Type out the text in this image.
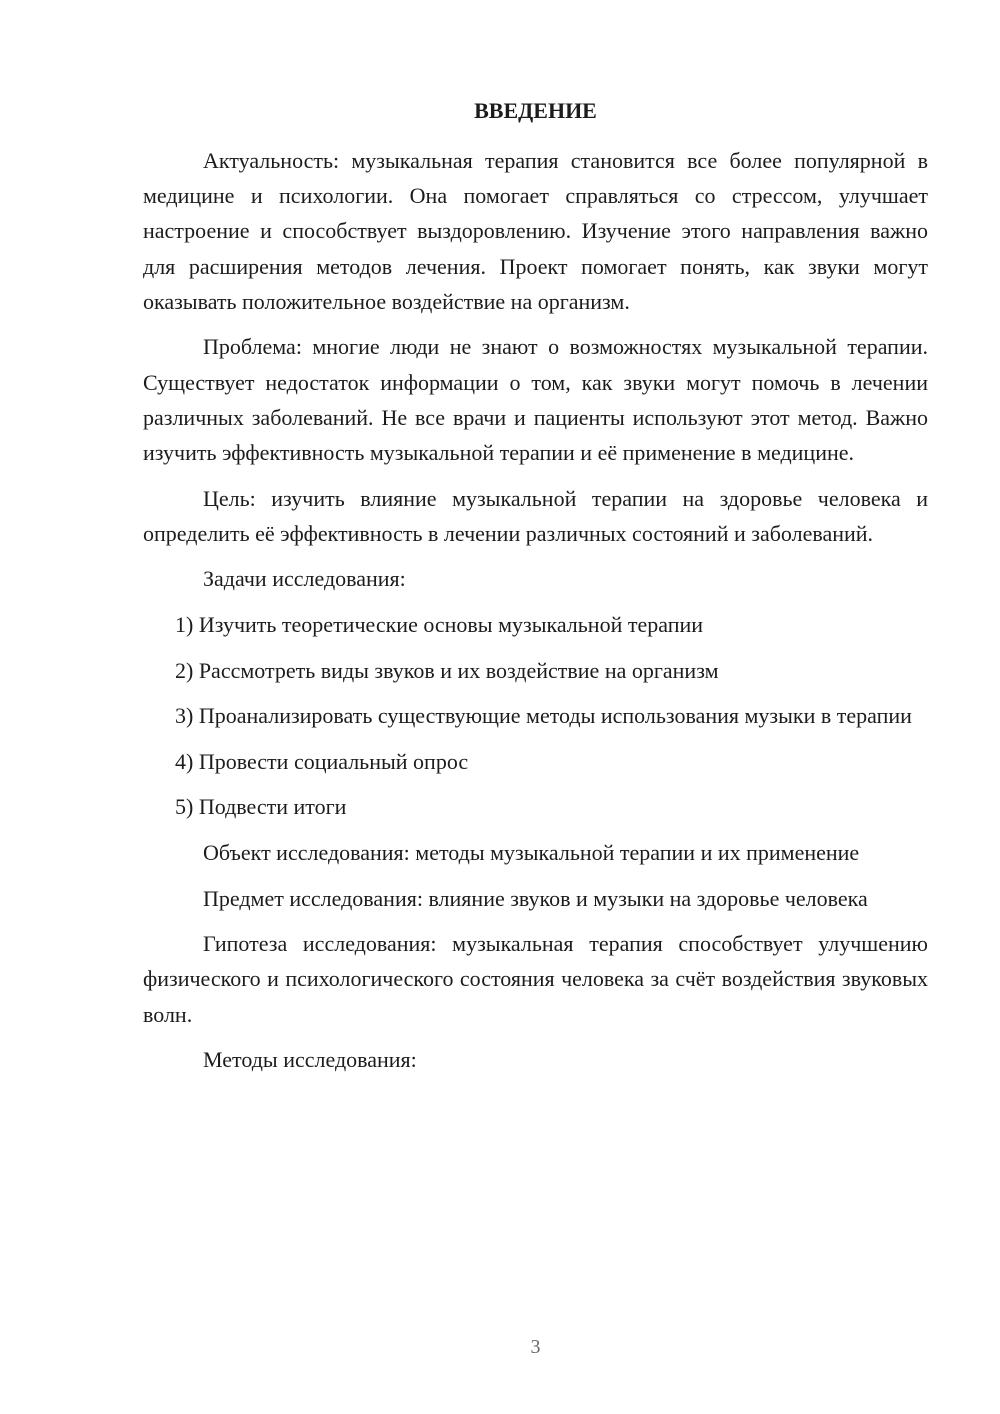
ВВЕДЕНИЕ

Актуальность: музыкальная терапия становится все более популярной в медицине и психологии. Она помогает справляться со стрессом, улучшает настроение и способствует выздоровлению. Изучение этого направления важно для расширения методов лечения. Проект помогает понять, как звуки могут оказывать положительное воздействие на организм.

Проблема: многие люди не знают о возможностях музыкальной терапии. Существует недостаток информации о том, как звуки могут помочь в лечении различных заболеваний. Не все врачи и пациенты используют этот метод. Важно изучить эффективность музыкальной терапии и её применение в медицине.

Цель: изучить влияние музыкальной терапии на здоровье человека и определить её эффективность в лечении различных состояний и заболеваний.

Задачи исследования:

1) Изучить теоретические основы музыкальной терапии

2) Рассмотреть виды звуков и их воздействие на организм

3) Проанализировать существующие методы использования музыки в терапии

4) Провести социальный опрос

5) Подвести итоги

Объект исследования: методы музыкальной терапии и их применение

Предмет исследования: влияние звуков и музыки на здоровье человека

Гипотеза исследования: музыкальная терапия способствует улучшению физического и психологического состояния человека за счёт воздействия звуковых волн.

Методы исследования:

3
